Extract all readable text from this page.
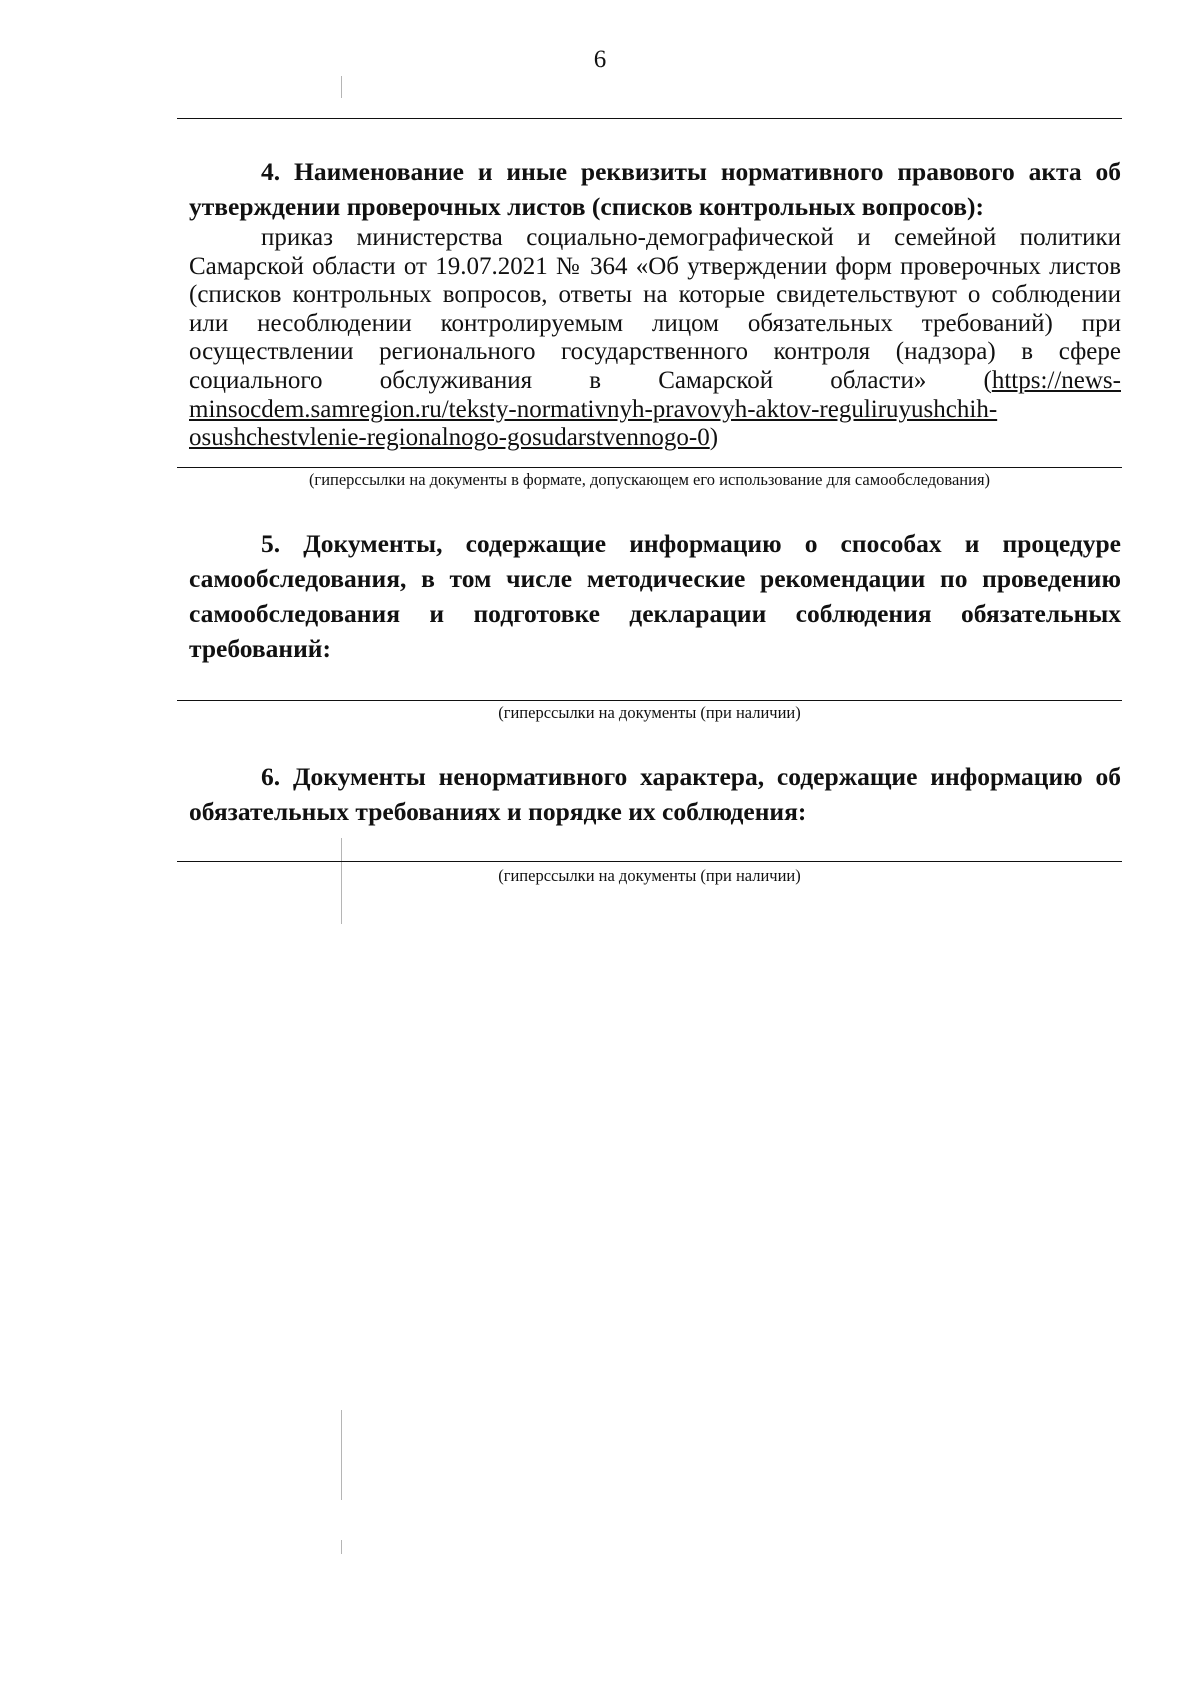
6
4. Наименование и иные реквизиты нормативного правового акта об утверждении проверочных листов (списков контрольных вопросов):
приказ министерства социально-демографической и семейной политики Самарской области от 19.07.2021 № 364 «Об утверждении форм проверочных листов (списков контрольных вопросов, ответы на которые свидетельствуют о соблюдении или несоблюдении контролируемым лицом обязательных требований) при осуществлении регионального государственного контроля (надзора) в сфере социального обслуживания в Самарской области» (https://news-minsocdem.samregion.ru/teksty-normativnyh-pravovyh-aktov-reguliruyushchih-osushchestvlenie-regionalnogo-gosudarstvennogo-0)
(гиперссылки на документы в формате, допускающем его использование для самообследования)
5. Документы, содержащие информацию о способах и процедуре самообследования, в том числе методические рекомендации по проведению самообследования и подготовке декларации соблюдения обязательных требований:
(гиперссылки на документы (при наличии)
6. Документы ненормативного характера, содержащие информацию об обязательных требованиях и порядке их соблюдения:
(гиперссылки на документы (при наличии)
